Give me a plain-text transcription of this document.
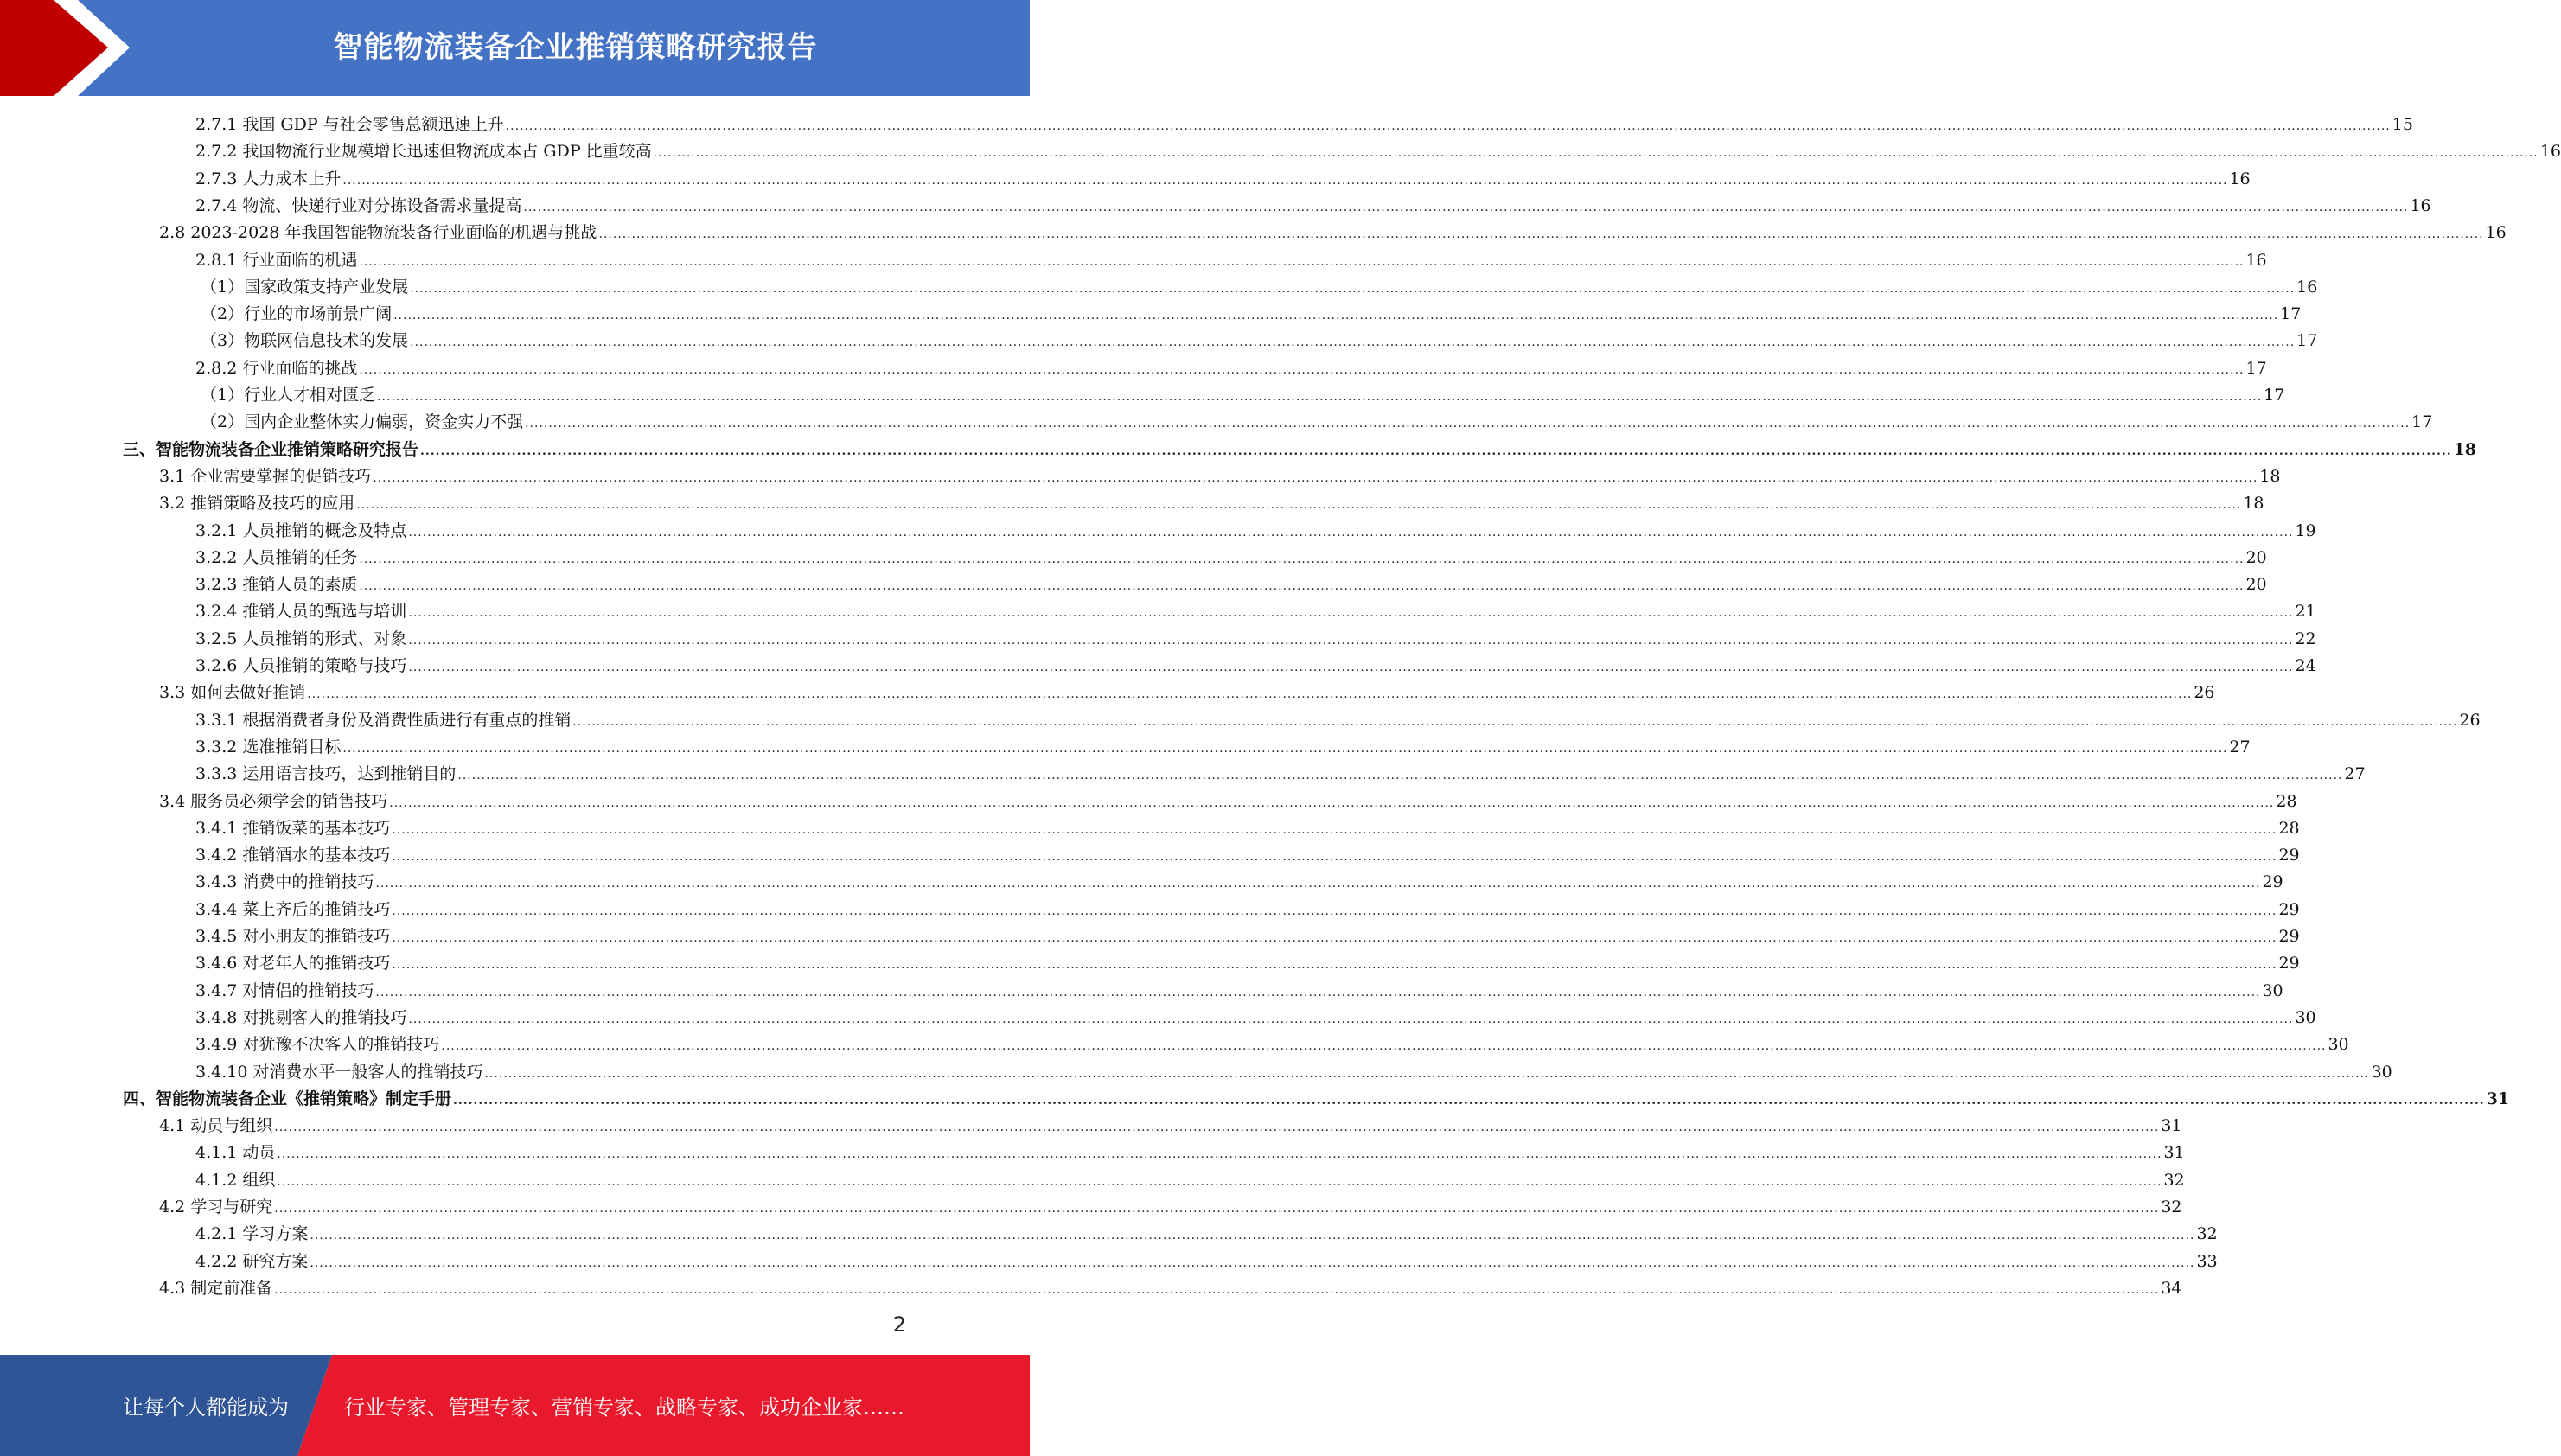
智能物流装备企业推销策略研究报告
2.7.1 我国 GDP 与社会零售总额迅速上升 ................................................................................................................................................................................................................................................................................................................................................................................................................ 15
2.7.2 我国物流行业规模增长迅速但物流成本占 GDP 比重较高 ................................................................................................................................................................................................................................................................................................................................................................................................................ 16
2.7.3 人力成本上升 ................................................................................................................................................................................................................................................................................................................................................................................................................ 16
2.7.4 物流、快递行业对分拣设备需求量提高 ................................................................................................................................................................................................................................................................................................................................................................................................................ 16
2.8 2023-2028 年我国智能物流装备行业面临的机遇与挑战 ................................................................................................................................................................................................................................................................................................................................................................................................................ 16
2.8.1 行业面临的机遇 ................................................................................................................................................................................................................................................................................................................................................................................................................ 16
（1）国家政策支持产业发展 ................................................................................................................................................................................................................................................................................................................................................................................................................ 16
（2）行业的市场前景广阔 ................................................................................................................................................................................................................................................................................................................................................................................................................ 17
（3）物联网信息技术的发展 ................................................................................................................................................................................................................................................................................................................................................................................................................ 17
2.8.2 行业面临的挑战 ................................................................................................................................................................................................................................................................................................................................................................................................................ 17
（1）行业人才相对匮乏 ................................................................................................................................................................................................................................................................................................................................................................................................................ 17
（2）国内企业整体实力偏弱，资金实力不强 ................................................................................................................................................................................................................................................................................................................................................................................................................ 17
三、智能物流装备企业推销策略研究报告 ................................................................................................................................................................................................................................................................................................................................................................................................................ 18
3.1 企业需要掌握的促销技巧 ................................................................................................................................................................................................................................................................................................................................................................................................................ 18
3.2 推销策略及技巧的应用 ................................................................................................................................................................................................................................................................................................................................................................................................................ 18
3.2.1 人员推销的概念及特点 ................................................................................................................................................................................................................................................................................................................................................................................................................ 19
3.2.2 人员推销的任务 ................................................................................................................................................................................................................................................................................................................................................................................................................ 20
3.2.3 推销人员的素质 ................................................................................................................................................................................................................................................................................................................................................................................................................ 20
3.2.4 推销人员的甄选与培训 ................................................................................................................................................................................................................................................................................................................................................................................................................ 21
3.2.5 人员推销的形式、对象 ................................................................................................................................................................................................................................................................................................................................................................................................................ 22
3.2.6 人员推销的策略与技巧 ................................................................................................................................................................................................................................................................................................................................................................................................................ 24
3.3 如何去做好推销 ................................................................................................................................................................................................................................................................................................................................................................................................................ 26
3.3.1 根据消费者身份及消费性质进行有重点的推销 ................................................................................................................................................................................................................................................................................................................................................................................................................ 26
3.3.2 选准推销目标 ................................................................................................................................................................................................................................................................................................................................................................................................................ 27
3.3.3 运用语言技巧，达到推销目的 ................................................................................................................................................................................................................................................................................................................................................................................................................ 27
3.4 服务员必须学会的销售技巧 ................................................................................................................................................................................................................................................................................................................................................................................................................ 28
3.4.1 推销饭菜的基本技巧 ................................................................................................................................................................................................................................................................................................................................................................................................................ 28
3.4.2 推销酒水的基本技巧 ................................................................................................................................................................................................................................................................................................................................................................................................................ 29
3.4.3 消费中的推销技巧 ................................................................................................................................................................................................................................................................................................................................................................................................................ 29
3.4.4 菜上齐后的推销技巧 ................................................................................................................................................................................................................................................................................................................................................................................................................ 29
3.4.5 对小朋友的推销技巧 ................................................................................................................................................................................................................................................................................................................................................................................................................ 29
3.4.6 对老年人的推销技巧 ................................................................................................................................................................................................................................................................................................................................................................................................................ 29
3.4.7 对情侣的推销技巧 ................................................................................................................................................................................................................................................................................................................................................................................................................ 30
3.4.8 对挑剔客人的推销技巧 ................................................................................................................................................................................................................................................................................................................................................................................................................ 30
3.4.9 对犹豫不决客人的推销技巧 ................................................................................................................................................................................................................................................................................................................................................................................................................ 30
3.4.10 对消费水平一般客人的推销技巧 ................................................................................................................................................................................................................................................................................................................................................................................................................ 30
四、智能物流装备企业《推销策略》制定手册 ................................................................................................................................................................................................................................................................................................................................................................................................................ 31
4.1 动员与组织 ................................................................................................................................................................................................................................................................................................................................................................................................................ 31
4.1.1 动员 ................................................................................................................................................................................................................................................................................................................................................................................................................ 31
4.1.2 组织 ................................................................................................................................................................................................................................................................................................................................................................................................................ 32
4.2 学习与研究 ................................................................................................................................................................................................................................................................................................................................................................................................................ 32
4.2.1 学习方案 ................................................................................................................................................................................................................................................................................................................................................................................................................ 32
4.2.2 研究方案 ................................................................................................................................................................................................................................................................................................................................................................................................................ 33
4.3 制定前准备 ................................................................................................................................................................................................................................................................................................................................................................................................................ 34
2
让每个人都能成为	行业专家、管理专家、营销专家、战略专家、成功企业家……
